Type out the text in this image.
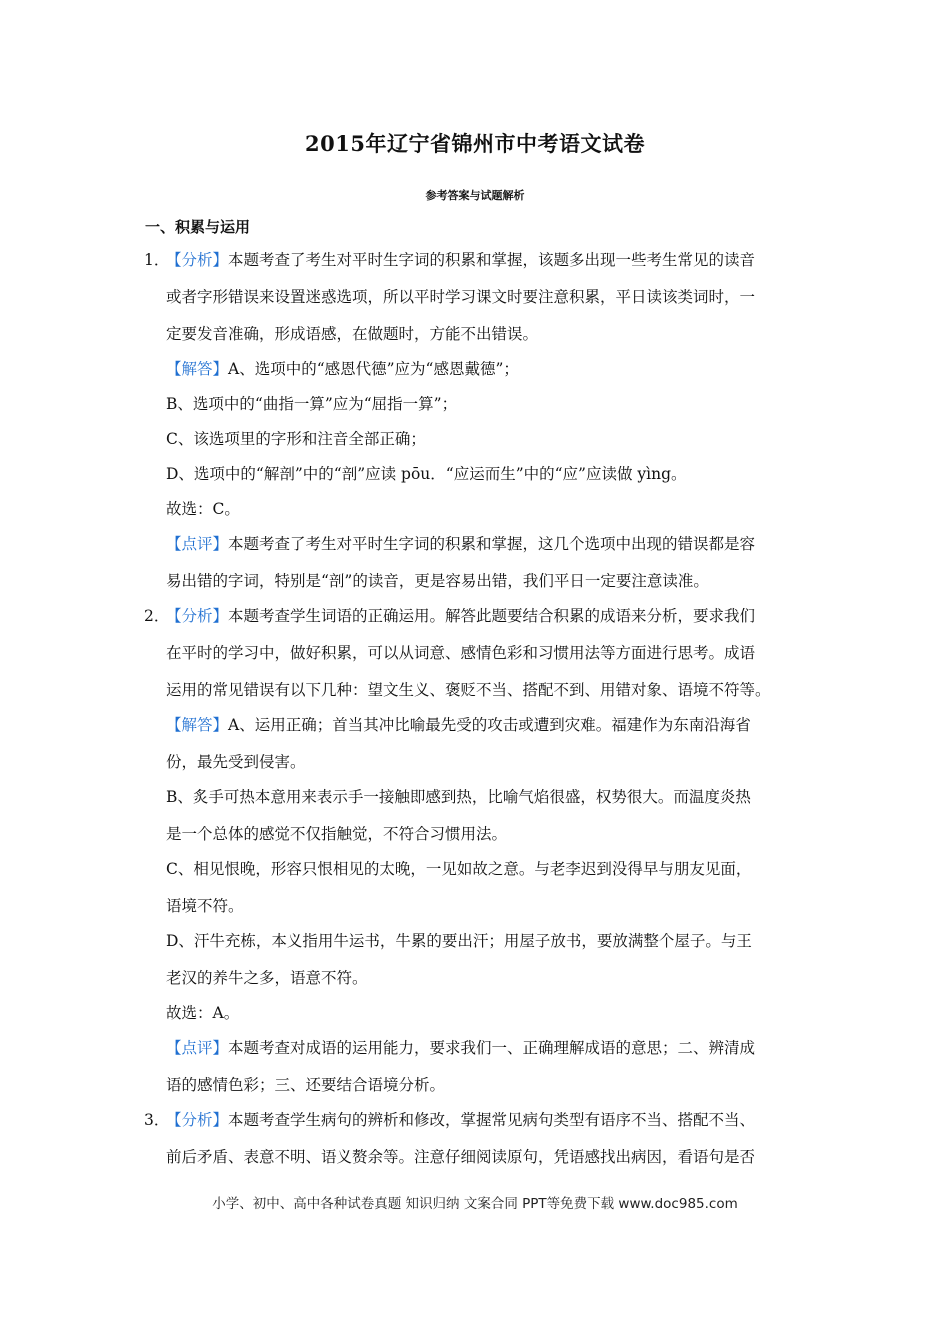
2015年辽宁省锦州市中考语文试卷
参考答案与试题解析
一、积累与运用
1．
【分析】本题考查了考生对平时生字词的积累和掌握，该题多出现一些考生常见的读音
或者字形错误来设置迷惑选项，所以平时学习课文时要注意积累，平日读该类词时，一
定要发音准确，形成语感，在做题时，方能不出错误。
【解答】A、选项中的“感恩代德”应为“感恩戴德”；
B、选项中的“曲指一算”应为“屈指一算”；
C、该选项里的字形和注音全部正确；
D、选项中的“解剖”中的“剖”应读 pōu．“应运而生”中的“应”应读做 yìng。
故选：C。
【点评】本题考查了考生对平时生字词的积累和掌握，这几个选项中出现的错误都是容
易出错的字词，特别是“剖”的读音，更是容易出错，我们平日一定要注意读准。
2．
【分析】本题考查学生词语的正确运用。解答此题要结合积累的成语来分析，要求我们
在平时的学习中，做好积累，可以从词意、感情色彩和习惯用法等方面进行思考。成语
运用的常见错误有以下几种：望文生义、褒贬不当、搭配不到、用错对象、语境不符等。
【解答】A、运用正确；首当其冲比喻最先受的攻击或遭到灾难。福建作为东南沿海省
份，最先受到侵害。
B、炙手可热本意用来表示手一接触即感到热，比喻气焰很盛，权势很大。而温度炎热
是一个总体的感觉不仅指触觉，不符合习惯用法。
C、相见恨晚，形容只恨相见的太晚，一见如故之意。与老李迟到没得早与朋友见面，
语境不符。
D、汗牛充栋，本义指用牛运书，牛累的要出汗；用屋子放书，要放满整个屋子。与王
老汉的养牛之多，语意不符。
故选：A。
【点评】本题考查对成语的运用能力，要求我们一、正确理解成语的意思；二、辨清成
语的感情色彩；三、还要结合语境分析。
3．
【分析】本题考查学生病句的辨析和修改，掌握常见病句类型有语序不当、搭配不当、
前后矛盾、表意不明、语义赘余等。注意仔细阅读原句，凭语感找出病因，看语句是否
小学、初中、高中各种试卷真题 知识归纳 文案合同 PPT等免费下载 www.doc985.com
